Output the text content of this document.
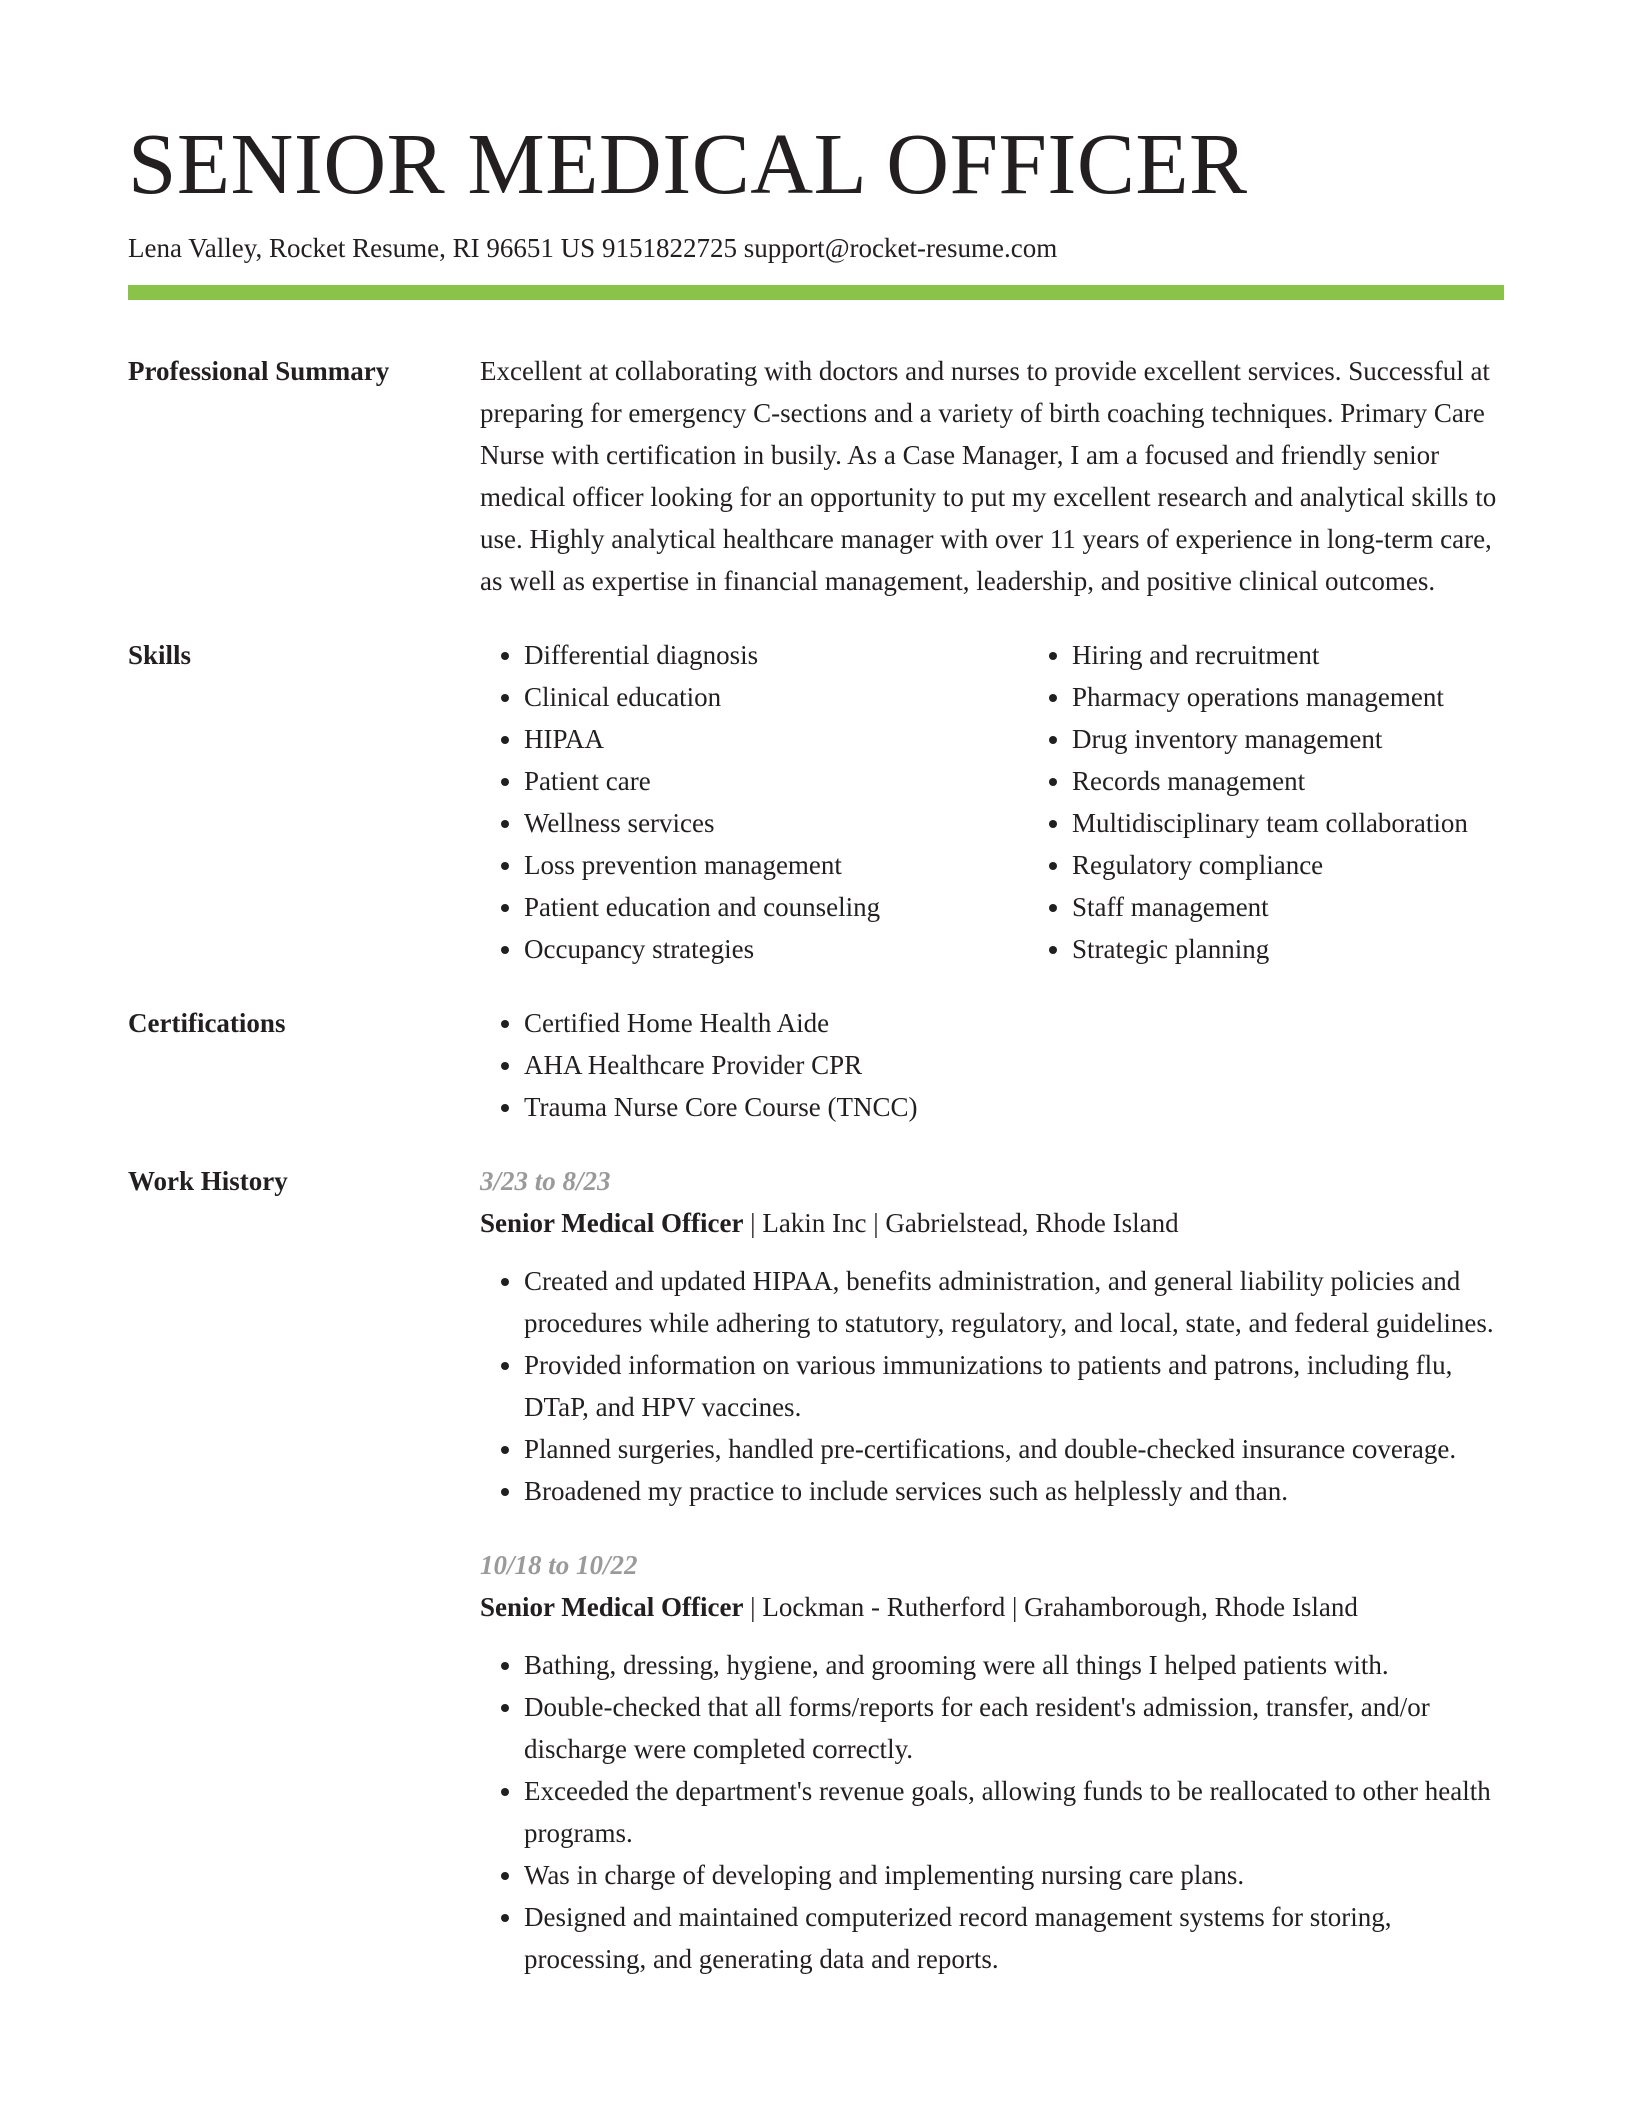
SENIOR MEDICAL OFFICER
Lena Valley, Rocket Resume, RI 96651 US 9151822725 support@rocket-resume.com
Professional Summary	Excellent at collaborating with doctors and nurses to provide excellent services. Successful at preparing for emergency C-sections and a variety of birth coaching techniques. Primary Care Nurse with certification in busily. As a Case Manager, I am a focused and friendly senior medical officer looking for an opportunity to put my excellent research and analytical skills to use. Highly analytical healthcare manager with over 11 years of experience in long-term care, as well as expertise in financial management, leadership, and positive clinical outcomes.

Skills	• Differential diagnosis
• Clinical education
• HIPAA
• Patient care
• Wellness services
• Loss prevention management
• Patient education and counseling
• Occupancy strategies
• Hiring and recruitment
• Pharmacy operations management
• Drug inventory management
• Records management
• Multidisciplinary team collaboration
• Regulatory compliance
• Staff management
• Strategic planning
Certifications	• Certified Home Health Aide
• AHA Healthcare Provider CPR
• Trauma Nurse Core Course (TNCC)
Work History	3/23 to 8/23
Senior Medical Officer | Lakin Inc | Gabrielstead, Rhode Island
• Created and updated HIPAA, benefits administration, and general liability policies and procedures while adhering to statutory, regulatory, and local, state, and federal guidelines.
• Provided information on various immunizations to patients and patrons, including flu, DTaP, and HPV vaccines.
• Planned surgeries, handled pre-certifications, and double-checked insurance coverage.
• Broadened my practice to include services such as helplessly and than.
10/18 to 10/22
Senior Medical Officer | Lockman - Rutherford | Grahamborough, Rhode Island
• Bathing, dressing, hygiene, and grooming were all things I helped patients with.
• Double-checked that all forms/reports for each resident's admission, transfer, and/or discharge were completed correctly.
• Exceeded the department's revenue goals, allowing funds to be reallocated to other health programs.
• Was in charge of developing and implementing nursing care plans.
• Designed and maintained computerized record management systems for storing, processing, and generating data and reports.
